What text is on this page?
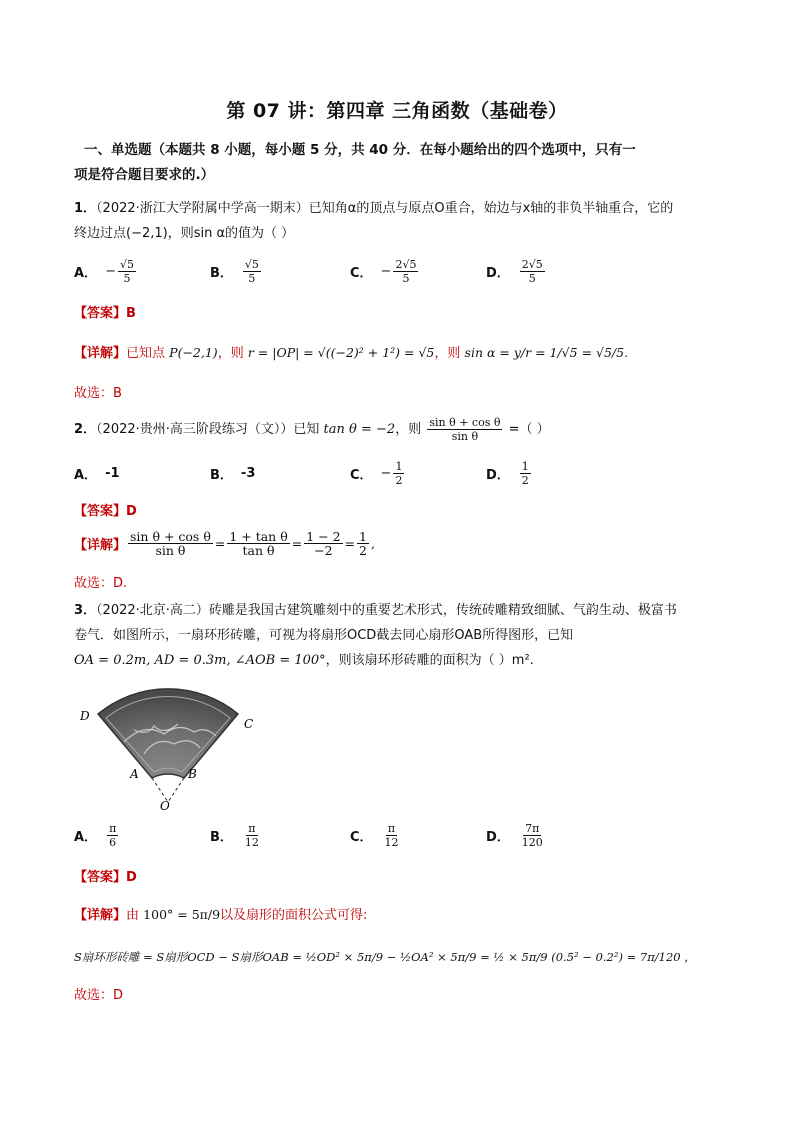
第 07 讲：第四章 三角函数（基础卷）
一、单选题（本题共 8 小题，每小题 5 分，共 40 分．在每小题给出的四个选项中，只有一
项是符合题目要求的.）
1．（2022·浙江大学附属中学高一期末）已知角α的顶点与原点O重合，始边与x轴的非负半轴重合，它的
终边过点(−2,1)，则sin α的值为（ ）
A． − $\frac{√5}{5}$	B． $\frac{√5}{5}$	C． − $\frac{2√5}{5}$	D． $\frac{2√5}{5}$
【答案】B
【详解】已知点 P(−2,1)，则 r = |OP| = √((−2)² + 1²) = √5，则 sin α = y/r = 1/√5 = √5/5.
故选：B
2．（2022·贵州·高三阶段练习（文））已知 tan θ = −2，则 $\frac{\text{sin θ + cos θ}}{\text{sin θ}}$ =（ ）
A． -1	B． -3	C． − $\frac{1}{2}$	D． $\frac{1}{2}$
【答案】D
【详解】 $\frac{\text{sin θ + cos θ}}{\text{sin θ}} = \frac{\text{1 + tan θ}}{\text{tan θ}} = \frac{1 - 2}{-2} = \frac{1}{2}$ ,
故选：D.
3．（2022·北京·高二）砖雕是我国古建筑雕刻中的重要艺术形式，传统砖雕精致细腻、气韵生动、极富书
卷气．如图所示，一扇环形砖雕，可视为将扇形OCD截去同心扇形OAB所得图形，已知
OA = 0.2m, AD = 0.3m, ∠AOB = 100°，则该扇环形砖雕的面积为（ ）m².
D
C
A	B
O
A． $\frac{\pi}{6}$	B． $\frac{\pi}{12}$	C． $\frac{\pi}{12}$	D． $\frac{7\pi}{120}$
【答案】D
【详解】由 100° = 5π/9以及扇形的面积公式可得:
S扇环形砖雕 = S扇形OCD − S扇形OAB = ½OD² × 5π/9 − ½OA² × 5π/9 = ½ × 5π/9 (0.5² − 0.2²) = 7π/120 ，
故选：D
